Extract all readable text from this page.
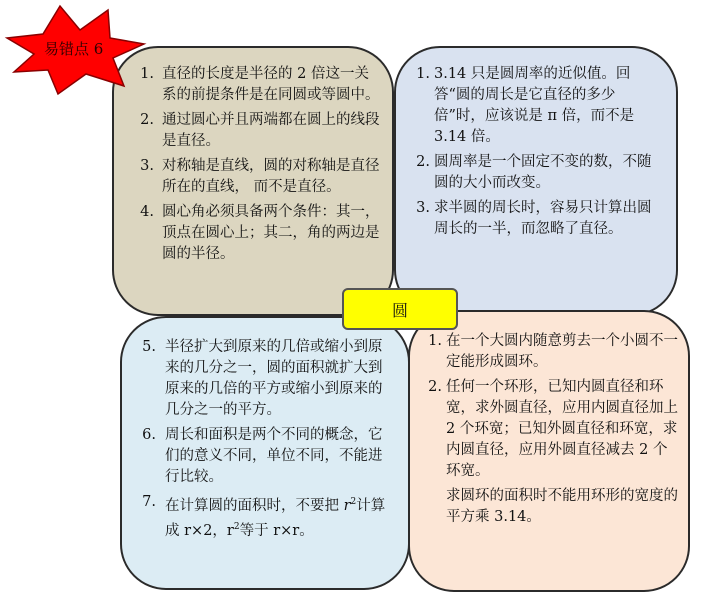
1. 直径的长度是半径的 2 倍这一关系的前提条件是在同圆或等圆中。
2. 通过圆心并且两端都在圆上的线段是直径。
3. 对称轴是直线，圆的对称轴是直径所在的直线， 而不是直径。
4. 圆心角必须具备两个条件：其一，顶点在圆心上；其二，角的两边是圆的半径。
1. 3.14 只是圆周率的近似值。回答“圆的周长是它直径的多少倍”时，应该说是 π 倍，而不是 3.14 倍。
2. 圆周率是一个固定不变的数，不随圆的大小而改变。
3. 求半圆的周长时，容易只计算出圆周长的一半，而忽略了直径。
5. 半径扩大到原来的几倍或缩小到原来的几分之一，圆的面积就扩大到原来的几倍的平方或缩小到原来的几分之一的平方。
6. 周长和面积是两个不同的概念，它们的意义不同，单位不同，不能进行比较。
7. 在计算圆的面积时，不要把 $r^2$计算成 r×2，$r^2$等于 r×r。
1. 在一个大圆内随意剪去一个小圆不一定能形成圆环。
2. 任何一个环形，已知内圆直径和环宽，求外圆直径，应用内圆直径加上 2 个环宽；已知外圆直径和环宽，求内圆直径，应用外圆直径减去 2 个环宽。
求圆环的面积时不能用环形的宽度的平方乘 3.14。
圆
易错点 6
